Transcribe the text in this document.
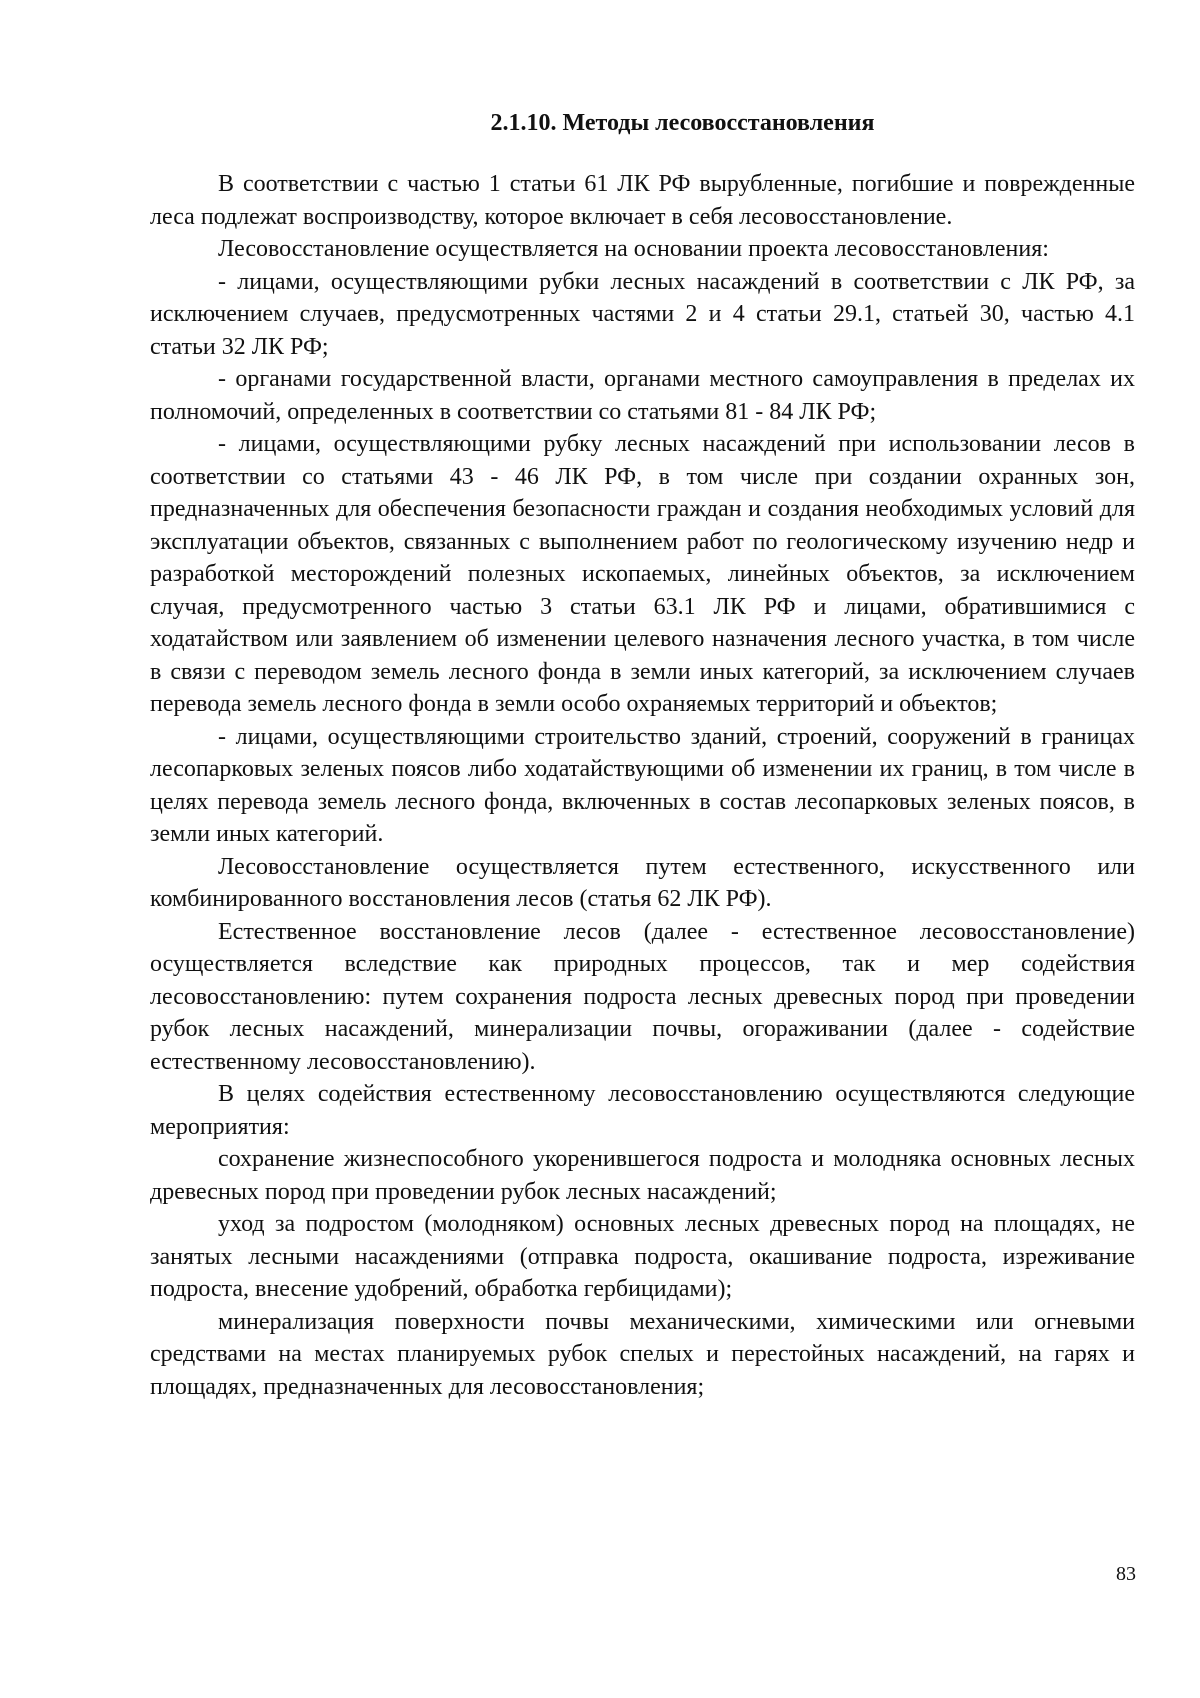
2.1.10. Методы лесовосстановления

В соответствии с частью 1 статьи 61 ЛК РФ вырубленные, погибшие и поврежденные леса подлежат воспроизводству, которое включает в себя лесовосстановление.

Лесовосстановление осуществляется на основании проекта лесовосстановления:

- лицами, осуществляющими рубки лесных насаждений в соответствии с ЛК РФ, за исключением случаев, предусмотренных частями 2 и 4 статьи 29.1, статьей 30, частью 4.1 статьи 32 ЛК РФ;

- органами государственной власти, органами местного самоуправления в пределах их полномочий, определенных в соответствии со статьями 81 - 84 ЛК РФ;

- лицами, осуществляющими рубку лесных насаждений при использовании лесов в соответствии со статьями 43 - 46 ЛК РФ, в том числе при создании охранных зон, предназначенных для обеспечения безопасности граждан и создания необходимых условий для эксплуатации объектов, связанных с выполнением работ по геологическому изучению недр и разработкой месторождений полезных ископаемых, линейных объектов, за исключением случая, предусмотренного частью 3 статьи 63.1 ЛК РФ и лицами, обратившимися с ходатайством или заявлением об изменении целевого назначения лесного участка, в том числе в связи с переводом земель лесного фонда в земли иных категорий, за исключением случаев перевода земель лесного фонда в земли особо охраняемых территорий и объектов;

- лицами, осуществляющими строительство зданий, строений, сооружений в границах лесопарковых зеленых поясов либо ходатайствующими об изменении их границ, в том числе в целях перевода земель лесного фонда, включенных в состав лесопарковых зеленых поясов, в земли иных категорий.

Лесовосстановление осуществляется путем естественного, искусственного или комбинированного восстановления лесов (статья 62 ЛК РФ).

Естественное восстановление лесов (далее - естественное лесовосстановление) осуществляется вследствие как природных процессов, так и мер содействия лесовосстановлению: путем сохранения подроста лесных древесных пород при проведении рубок лесных насаждений, минерализации почвы, огораживании (далее - содействие естественному лесовосстановлению).

В целях содействия естественному лесовосстановлению осуществляются следующие мероприятия:

сохранение жизнеспособного укоренившегося подроста и молодняка основных лесных древесных пород при проведении рубок лесных насаждений;

уход за подростом (молодняком) основных лесных древесных пород на площадях, не занятых лесными насаждениями (отправка подроста, окашивание подроста, изреживание подроста, внесение удобрений, обработка гербицидами);

минерализация поверхности почвы механическими, химическими или огневыми средствами на местах планируемых рубок спелых и перестойных насаждений, на гарях и площадях, предназначенных для лесовосстановления;

83
